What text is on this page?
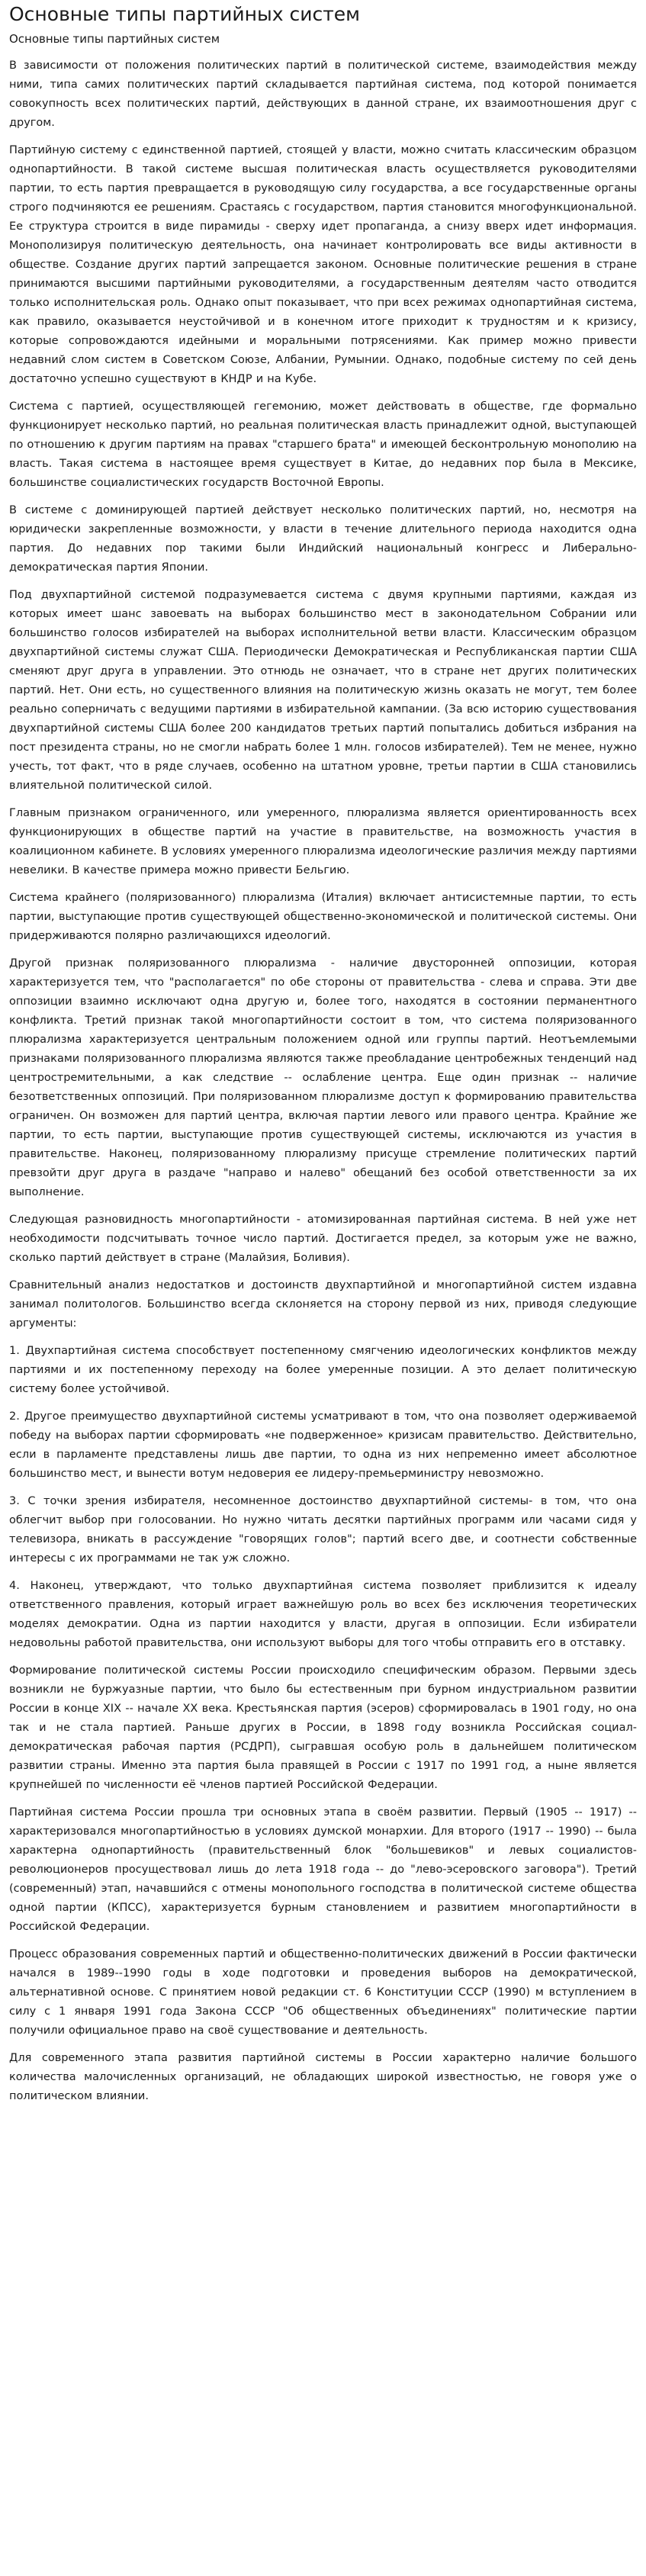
Основные типы партийных систем
Основные типы партийных систем

В зависимости от положения политических партий в политической системе, взаимодействия между ними, типа самих политических партий складывается партийная система, под которой понимается совокупность всех политических партий, действующих в данной стране, их взаимоотношения друг с другом.

Партийную систему с единственной партией, стоящей у власти, можно считать классическим образцом однопартийности. В такой системе высшая политическая власть осуществляется руководителями партии, то есть партия превращается в руководящую силу государства, а все государственные органы строго подчиняются ее решениям. Срастаясь с государством, партия становится многофункциональной. Ее структура строится в виде пирамиды - сверху идет пропаганда, а снизу вверх идет информация. Монополизируя политическую деятельность, она начинает контролировать все виды активности в обществе. Создание других партий запрещается законом. Основные политические решения в стране принимаются высшими партийными руководителями, а государственным деятелям часто отводится только исполнительская роль. Однако опыт показывает, что при всех режимах однопартийная система, как правило, оказывается неустойчивой и в конечном итоге приходит к трудностям и к кризису, которые сопровождаются идейными и моральными потрясениями. Как пример можно привести недавний слом систем в Советском Союзе, Албании, Румынии. Однако, подобные систему по сей день достаточно успешно существуют в КНДР и на Кубе.

Система с партией, осуществляющей гегемонию, может действовать в обществе, где формально функционирует несколько партий, но реальная политическая власть принадлежит одной, выступающей по отношению к другим партиям на правах "старшего брата" и имеющей бесконтрольную монополию на власть. Такая система в настоящее время существует в Китае, до недавних пор была в Мексике, большинстве социалистических государств Восточной Европы.

В системе с доминирующей партией действует несколько политических партий, но, несмотря на юридически закрепленные возможности, у власти в течение длительного периода находится одна партия. До недавних пор такими были Индийский национальный конгресс и Либерально-демократическая партия Японии.

Под двухпартийной системой подразумевается система с двумя крупными партиями, каждая из которых имеет шанс завоевать на выборах большинство мест в законодательном Собрании или большинство голосов избирателей на выборах исполнительной ветви власти. Классическим образцом двухпартийной системы служат США. Периодически Демократическая и Республиканская партии США сменяют друг друга в управлении. Это отнюдь не означает, что в стране нет других политических партий. Нет. Они есть, но существенного влияния на политическую жизнь оказать не могут, тем более реально соперничать с ведущими партиями в избирательной кампании. (За всю историю существования двухпартийной системы США более 200 кандидатов третьих партий попытались добиться избрания на пост президента страны, но не смогли набрать более 1 млн. голосов избирателей). Тем не менее, нужно учесть, тот факт, что в ряде случаев, особенно на штатном уровне, третьи партии в США становились влиятельной политической силой.

Главным признаком ограниченного, или умеренного, плюрализма является ориентированность всех функционирующих в обществе партий на участие в правительстве, на возможность участия в коалиционном кабинете. В условиях умеренного плюрализма идеологические различия между партиями невелики. В качестве примера можно привести Бельгию.

Система крайнего (поляризованного) плюрализма (Италия) включает антисистемные партии, то есть партии, выступающие против существующей общественно-экономической и политической системы. Они придерживаются полярно различающихся идеологий.

Другой признак поляризованного плюрализма - наличие двусторонней оппозиции, которая характеризуется тем, что "располагается" по обе стороны от правительства - слева и справа. Эти две оппозиции взаимно исключают одна другую и, более того, находятся в состоянии перманентного конфликта. Третий признак такой многопартийности состоит в том, что система поляризованного плюрализма характеризуется центральным положением одной или группы партий. Неотъемлемыми признаками поляризованного плюрализма являются также преобладание центробежных тенденций над центростремительными, а как следствие -- ослабление центра. Еще один признак -- наличие безответственных оппозиций. При поляризованном плюрализме доступ к формированию правительства ограничен. Он возможен для партий центра, включая партии левого или правого центра. Крайние же партии, то есть партии, выступающие против существующей системы, исключаются из участия в правительстве. Наконец, поляризованному плюрализму присуще стремление политических партий превзойти друг друга в раздаче "направо и налево" обещаний без особой ответственности за их выполнение.

Следующая разновидность многопартийности - атомизированная партийная система. В ней уже нет необходимости подсчитывать точное число партий. Достигается предел, за которым уже не важно, сколько партий действует в стране (Малайзия, Боливия).

Сравнительный анализ недостатков и достоинств двухпартийной и многопартийной систем издавна занимал политологов. Большинство всегда склоняется на сторону первой из них, приводя следующие аргументы:

1. Двухпартийная система способствует постепенному смягчению идеологических конфликтов между партиями и их постепенному переходу на более умеренные позиции. А это делает политическую систему более устойчивой.

2. Другое преимущество двухпартийной системы усматривают в том, что она позволяет одерживаемой победу на выборах партии сформировать «не подверженное» кризисам правительство. Действительно, если в парламенте представлены лишь две партии, то одна из них непременно имеет абсолютное большинство мест, и вынести вотум недоверия ее лидеру-премьерминистру невозможно.

3. С точки зрения избирателя, несомненное достоинство двухпартийной системы- в том, что она облегчит выбор при голосовании. Но нужно читать десятки партийных программ или часами сидя у телевизора, вникать в рассуждение "говорящих голов"; партий всего две, и соотнести собственные интересы с их программами не так уж сложно.

4. Наконец, утверждают, что только двухпартийная система позволяет приблизится к идеалу ответственного правления, который играет важнейшую роль во всех без исключения теоретических моделях демократии. Одна из партии находится у власти, другая в оппозиции. Если избиратели недовольны работой правительства, они используют выборы для того чтобы отправить его в отставку.

Формирование политической системы России происходило специфическим образом. Первыми здесь возникли не буржуазные партии, что было бы естественным при бурном индустриальном развитии России в конце XIX -- начале XX века. Крестьянская партия (эсеров) сформировалась в 1901 году, но она так и не стала партией. Раньше других в России, в 1898 году возникла Российская социал-демократическая рабочая партия (РСДРП), сыгравшая особую роль в дальнейшем политическом развитии страны. Именно эта партия была правящей в России с 1917 по 1991 год, а ныне является крупнейшей по численности её членов партией Российской Федерации.

Партийная система России прошла три основных этапа в своём развитии. Первый (1905 -- 1917) -- характеризовался многопартийностью в условиях думской монархии. Для второго (1917 -- 1990) -- была характерна однопартийность (правительственный блок "большевиков" и левых социалистов- революционеров просуществовал лишь до лета 1918 года -- до "лево-эсеровского заговора"). Третий (современный) этап, начавшийся с отмены монопольного господства в политической системе общества одной партии (КПСС), характеризуется бурным становлением и развитием многопартийности в Российской Федерации.

Процесс образования современных партий и общественно-политических движений в России фактически начался в 1989--1990 годы в ходе подготовки и проведения выборов на демократической, альтернативной основе. С принятием новой редакции ст. 6 Конституции СССР (1990) м вступлением в силу с 1 января 1991 года Закона СССР "Об общественных объединениях" политические партии получили официальное право на своё существование и деятельность.

Для современного этапа развития партийной системы в России характерно наличие большого количества малочисленных организаций, не обладающих широкой известностью, не говоря уже о политическом влиянии.
